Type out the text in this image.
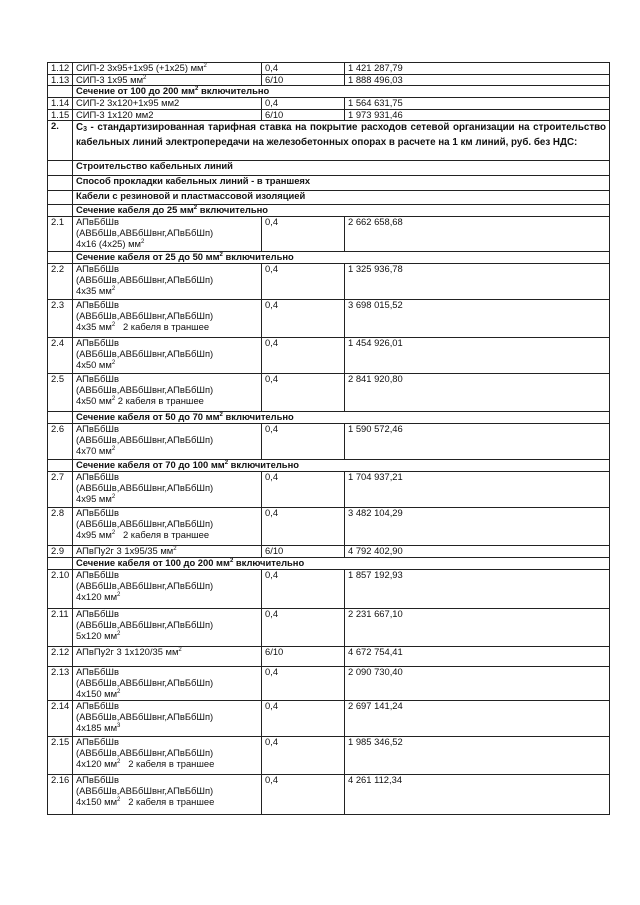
1.12	СИП-2 3х95+1х95 (+1х25) $мм^2$	0,4	1 421 287,79
1.13	СИП-3 1х95 $мм^2$	6/10	1 888 496,03
	Сечение от 100 до 200 $мм^2$ включительно		
1.14	СИП-2 3х120+1х95 мм2	0,4	1 564 631,75
1.15	СИП-3 1х120 мм2	6/10	1 973 931,46
2.	С3 - стандартизированная тарифная ставка на покрытие расходов сетевой организации на строительство кабельных линий электропередачи на железобетонных опорах в расчете на 1 км линий, руб. без НДС:		
	Строительство кабельных линий		
	Способ прокладки кабельных линий - в траншеях		
	Кабели с резиновой и пластмассовой изоляцией		
	Сечение кабеля до 25 $мм^2$ включительно		
2.1	АПвБбШв
(АВБбШв,АВБбШвнг,АПвБбШп)
4х16 (4х25) $мм^2$	0,4	2 662 658,68
	Сечение кабеля от 25 до 50 $мм^2$ включительно		
2.2	АПвБбШв
(АВБбШв,АВБбШвнг,АПвБбШп)
4х35 $мм^2$	0,4	1 325 936,78
2.3	АПвБбШв
(АВБбШв,АВБбШвнг,АПвБбШп)
4х35 $мм^2$   2 кабеля в траншее	0,4	3 698 015,52
2.4	АПвБбШв
(АВБбШв,АВБбШвнг,АПвБбШп)
4х50 $мм^2$	0,4	1 454 926,01
2.5	АПвБбШв
(АВБбШв,АВБбШвнг,АПвБбШп)
4х50 $мм^2$ 2 кабеля в траншее	0,4	2 841 920,80
	Сечение кабеля от 50 до 70 $мм^2$ включительно		
2.6	АПвБбШв
(АВБбШв,АВБбШвнг,АПвБбШп)
4х70 $мм^2$	0,4	1 590 572,46
	Сечение кабеля от 70 до 100 $мм^2$ включительно		
2.7	АПвБбШв
(АВБбШв,АВБбШвнг,АПвБбШп)
4х95 $мм^2$	0,4	1 704 937,21
2.8	АПвБбШв
(АВБбШв,АВБбШвнг,АПвБбШп)
4х95 $мм^2$   2 кабеля в траншее	0,4	3 482 104,29
2.9	АПвПу2г 3 1х95/35 $мм^2$	6/10	4 792 402,90
	Сечение кабеля от 100 до 200 $мм^2$ включительно		
2.10	АПвБбШв
(АВБбШв,АВБбШвнг,АПвБбШп)
4х120 $мм^2$	0,4	1 857 192,93
2.11	АПвБбШв
(АВБбШв,АВБбШвнг,АПвБбШп)
5х120 $мм^2$	0,4	2 231 667,10
2.12	АПвПу2г 3 1х120/35 $мм^2$	6/10	4 672 754,41
2.13	АПвБбШв
(АВБбШв,АВБбШвнг,АПвБбШп)
4х150 $мм^2$	0,4	2 090 730,40
2.14	АПвБбШв
(АВБбШв,АВБбШвнг,АПвБбШп)
4х185 $мм^3$	0,4	2 697 141,24
2.15	АПвБбШв
(АВБбШв,АВБбШвнг,АПвБбШп)
4х120 $мм^2$   2 кабеля в траншее	0,4	1 985 346,52
2.16	АПвБбШв
(АВБбШв,АВБбШвнг,АПвБбШп)
4х150 $мм^2$   2 кабеля в траншее	0,4	4 261 112,34
